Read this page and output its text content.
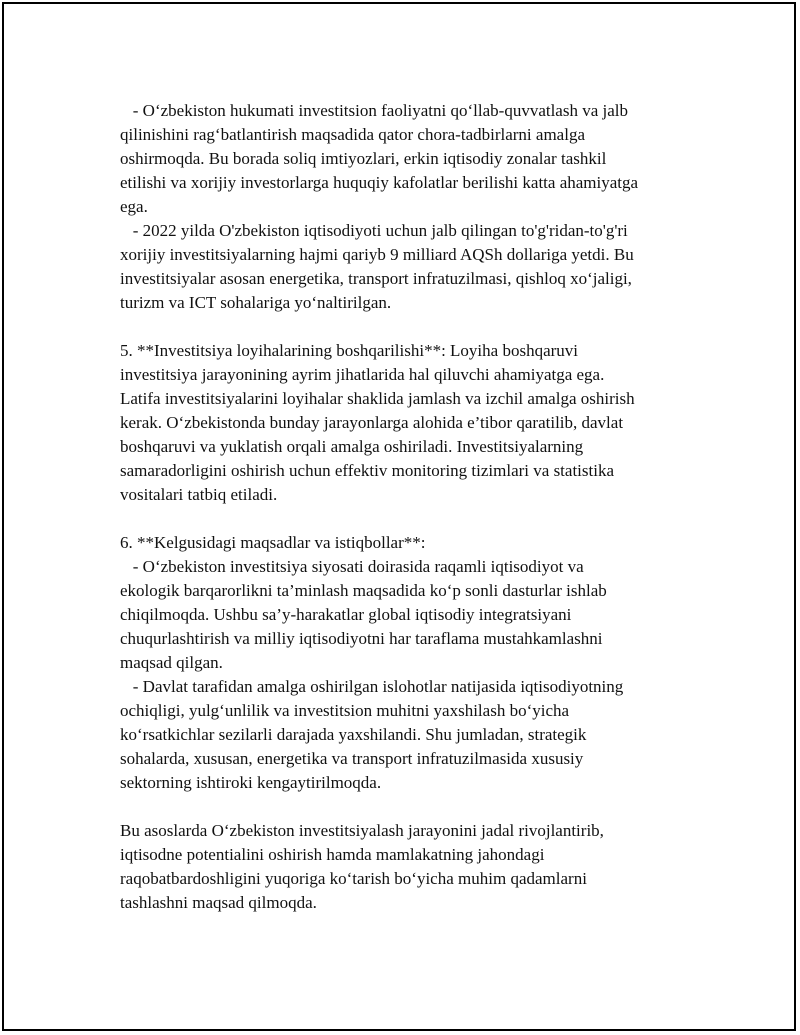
- O‘zbekiston hukumati investitsion faoliyatni qo‘llab-quvvatlash va jalb
qilinishini rag‘batlantirish maqsadida qator chora-tadbirlarni amalga
oshirmoqda. Bu borada soliq imtiyozlari, erkin iqtisodiy zonalar tashkil
etilishi va xorijiy investorlarga huquqiy kafolatlar berilishi katta ahamiyatga
ega.
- 2022 yilda O'zbekiston iqtisodiyoti uchun jalb qilingan to'g'ridan-to'g'ri
xorijiy investitsiyalarning hajmi qariyb 9 milliard AQSh dollariga yetdi. Bu
investitsiyalar asosan energetika, transport infratuzilmasi, qishloq xo‘jaligi,
turizm va ICT sohalariga yo‘naltirilgan.
5. **Investitsiya loyihalarining boshqarilishi**: Loyiha boshqaruvi
investitsiya jarayonining ayrim jihatlarida hal qiluvchi ahamiyatga ega.
Latifa investitsiyalarini loyihalar shaklida jamlash va izchil amalga oshirish
kerak. O‘zbekistonda bunday jarayonlarga alohida e’tibor qaratilib, davlat
boshqaruvi va yuklatish orqali amalga oshiriladi. Investitsiyalarning
samaradorligini oshirish uchun effektiv monitoring tizimlari va statistika
vositalari tatbiq etiladi.
6. **Kelgusidagi maqsadlar va istiqbollar**:
- O‘zbekiston investitsiya siyosati doirasida raqamli iqtisodiyot va
ekologik barqarorlikni ta’minlash maqsadida ko‘p sonli dasturlar ishlab
chiqilmoqda. Ushbu sa’y-harakatlar global iqtisodiy integratsiyani
chuqurlashtirish va milliy iqtisodiyotni har taraflama mustahkamlashni
maqsad qilgan.
- Davlat tarafidan amalga oshirilgan islohotlar natijasida iqtisodiyotning
ochiqligi, yulg‘unlilik va investitsion muhitni yaxshilash bo‘yicha
ko‘rsatkichlar sezilarli darajada yaxshilandi. Shu jumladan, strategik
sohalarda, xususan, energetika va transport infratuzilmasida xususiy
sektorning ishtiroki kengaytirilmoqda.
Bu asoslarda O‘zbekiston investitsiyalash jarayonini jadal rivojlantirib,
iqtisodne potentialini oshirish hamda mamlakatning jahondagi
raqobatbardoshligini yuqoriga ko‘tarish bo‘yicha muhim qadamlarni
tashlashni maqsad qilmoqda.
